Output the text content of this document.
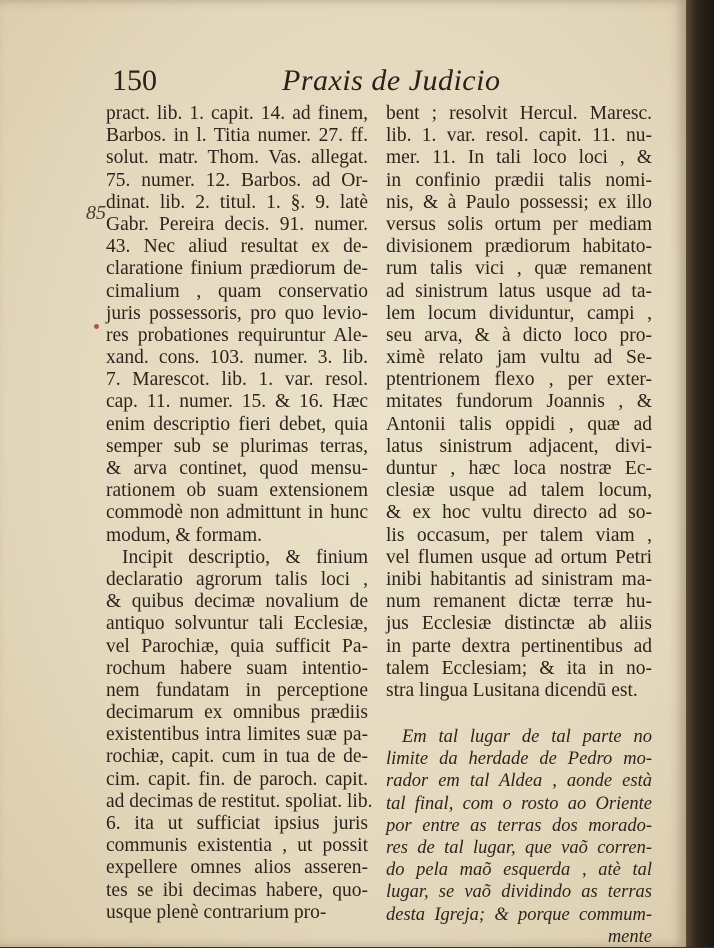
150	Praxis de Judicio
85
pract. lib. 1. capit. 14. ad finem,
Barbos. in l. Titia numer. 27. ff.
solut. matr. Thom. Vas. allegat.
75. numer. 12. Barbos. ad Or-
dinat. lib. 2. titul. 1. §. 9. latè
Gabr. Pereira decis. 91. numer.
43. Nec aliud resultat ex de-
claratione finium prædiorum de-
cimalium , quam conservatio
juris possessoris, pro quo levio-
res probationes requiruntur Ale-
xand. cons. 103. numer. 3. lib.
7. Marescot. lib. 1. var. resol.
cap. 11. numer. 15. & 16. Hæc
enim descriptio fieri debet, quia
semper sub se plurimas terras,
& arva continet, quod mensu-
rationem ob suam extensionem
commodè non admittunt in hunc
modum, & formam.
Incipit descriptio, & finium
declaratio agrorum talis loci ,
& quibus decimæ novalium de
antiquo solvuntur tali Ecclesiæ,
vel Parochiæ, quia sufficit Pa-
rochum habere suam intentio-
nem fundatam in perceptione
decimarum ex omnibus prædiis
existentibus intra limites suæ pa-
rochiæ, capit. cum in tua de de-
cim. capit. fin. de paroch. capit.
ad decimas de restitut. spoliat. lib.
6. ita ut sufficiat ipsius juris
communis existentia , ut possit
expellere omnes alios asseren-
tes se ibi decimas habere, quo-
usque plenè contrarium pro-
bent ; resolvit Hercul. Maresc.
lib. 1. var. resol. capit. 11. nu-
mer. 11. In tali loco loci , &
in confinio prædii talis nomi-
nis, & à Paulo possessi; ex illo
versus solis ortum per mediam
divisionem prædiorum habitato-
rum talis vici , quæ remanent
ad sinistrum latus usque ad ta-
lem locum dividuntur, campi ,
seu arva, & à dicto loco pro-
ximè relato jam vultu ad Se-
ptentrionem flexo , per exter-
mitates fundorum Joannis , &
Antonii talis oppidi , quæ ad
latus sinistrum adjacent, divi-
duntur , hæc loca nostræ Ec-
clesiæ usque ad talem locum,
& ex hoc vultu directo ad so-
lis occasum, per talem viam ,
vel flumen usque ad ortum Petri
inibi habitantis ad sinistram ma-
num remanent dictæ terræ hu-
jus Ecclesiæ distinctæ ab aliis
in parte dextra pertinentibus ad
talem Ecclesiam; & ita in no-
stra lingua Lusitana dicendū est.
Em tal lugar de tal parte no
limite da herdade de Pedro mo-
rador em tal Aldea , aonde està
tal final, com o rosto ao Oriente
por entre as terras dos morado-
res de tal lugar, que vaõ corren-
do pela maõ esquerda , atè tal
lugar, se vaõ dividindo as terras
desta Igreja; & porque commum-
mente
